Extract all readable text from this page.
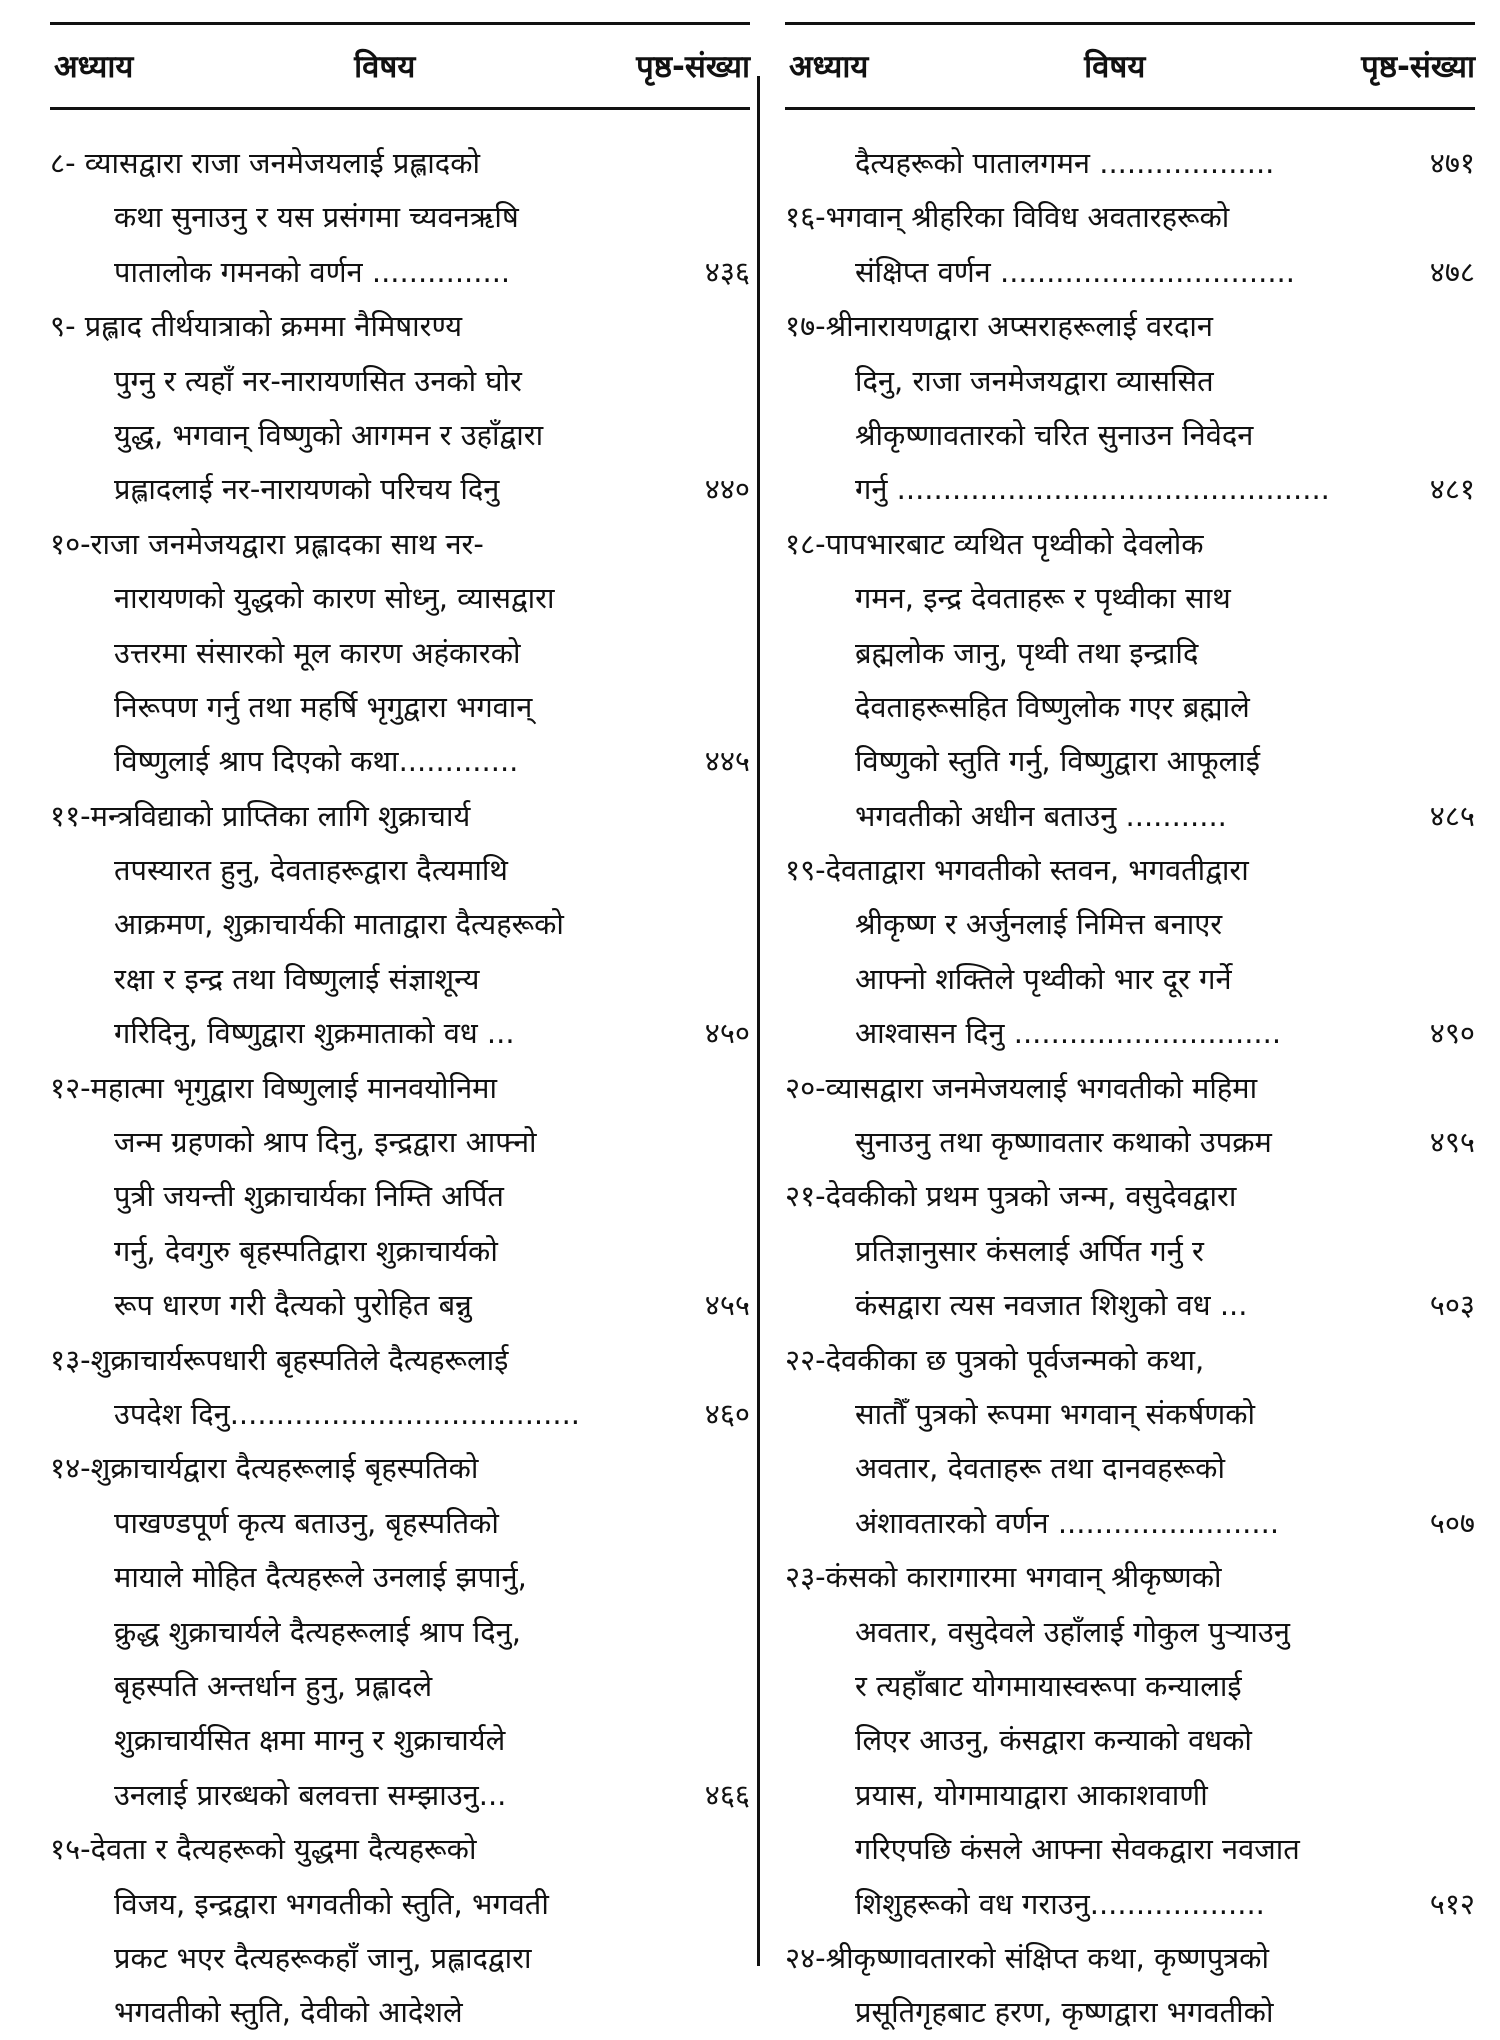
अध्याय	विषय	पृष्ठ-संख्या
८- व्यासद्वारा राजा जनमेजयलाई प्रह्लादको
कथा सुनाउनु र यस प्रसंगमा च्यवनऋषि
पातालोक गमनको वर्णन ...............	४३६
९- प्रह्लाद तीर्थयात्राको क्रममा नैमिषारण्य
पुग्नु र त्यहाँ नर-नारायणसित उनको घोर
युद्ध, भगवान् विष्णुको आगमन र उहाँद्वारा
प्रह्लादलाई नर-नारायणको परिचय दिनु	४४०
१०-राजा जनमेजयद्वारा प्रह्लादका साथ नर-
नारायणको युद्धको कारण सोध्नु, व्यासद्वारा
उत्तरमा संसारको मूल कारण अहंकारको
निरूपण गर्नु तथा महर्षि भृगुद्वारा भगवान्
विष्णुलाई श्राप दिएको कथा.............	४४५
११-मन्त्रविद्याको प्राप्तिका लागि शुक्राचार्य
तपस्यारत हुनु, देवताहरूद्वारा दैत्यमाथि
आक्रमण, शुक्राचार्यकी माताद्वारा दैत्यहरूको
रक्षा र इन्द्र तथा विष्णुलाई संज्ञाशून्य
गरिदिनु, विष्णुद्वारा शुक्रमाताको वध ...	४५०
१२-महात्मा भृगुद्वारा विष्णुलाई मानवयोनिमा
जन्म ग्रहणको श्राप दिनु, इन्द्रद्वारा आफ्नो
पुत्री जयन्ती शुक्राचार्यका निम्ति अर्पित
गर्नु, देवगुरु बृहस्पतिद्वारा शुक्राचार्यको
रूप धारण गरी दैत्यको पुरोहित बन्नु	४५५
१३-शुक्राचार्यरूपधारी बृहस्पतिले दैत्यहरूलाई
उपदेश दिनु......................................	४६०
१४-शुक्राचार्यद्वारा दैत्यहरूलाई बृहस्पतिको
पाखण्डपूर्ण कृत्य बताउनु, बृहस्पतिको
मायाले मोहित दैत्यहरूले उनलाई झपार्नु,
क्रुद्ध शुक्राचार्यले दैत्यहरूलाई श्राप दिनु,
बृहस्पति अन्तर्धान हुनु, प्रह्लादले
शुक्राचार्यसित क्षमा माग्नु र शुक्राचार्यले
उनलाई प्रारब्धको बलवत्ता सम्झाउनु...	४६६
१५-देवता र दैत्यहरूको युद्धमा दैत्यहरूको
विजय, इन्द्रद्वारा भगवतीको स्तुति, भगवती
प्रकट भएर दैत्यहरूकहाँ जानु, प्रह्लादद्वारा
भगवतीको स्तुति, देवीको आदेशले
अध्याय	विषय	पृष्ठ-संख्या
दैत्यहरूको पातालगमन ...................	४७१
१६-भगवान् श्रीहरिका विविध अवतारहरूको
संक्षिप्त वर्णन ................................	४७८
१७-श्रीनारायणद्वारा अप्सराहरूलाई वरदान
दिनु, राजा जनमेजयद्वारा व्याससित
श्रीकृष्णावतारको चरित सुनाउन निवेदन
गर्नु ...............................................	४८१
१८-पापभारबाट व्यथित पृथ्वीको देवलोक
गमन, इन्द्र देवताहरू र पृथ्वीका साथ
ब्रह्मलोक जानु, पृथ्वी तथा इन्द्रादि
देवताहरूसहित विष्णुलोक गएर ब्रह्माले
विष्णुको स्तुति गर्नु, विष्णुद्वारा आफूलाई
भगवतीको अधीन बताउनु ...........	४८५
१९-देवताद्वारा भगवतीको स्तवन, भगवतीद्वारा
श्रीकृष्ण र अर्जुनलाई निमित्त बनाएर
आफ्नो शक्तिले पृथ्वीको भार दूर गर्ने
आश्वासन दिनु .............................	४९०
२०-व्यासद्वारा जनमेजयलाई भगवतीको महिमा
सुनाउनु तथा कृष्णावतार कथाको उपक्रम	४९५
२१-देवकीको प्रथम पुत्रको जन्म, वसुदेवद्वारा
प्रतिज्ञानुसार कंसलाई अर्पित गर्नु र
कंसद्वारा त्यस नवजात शिशुको वध ...	५०३
२२-देवकीका छ पुत्रको पूर्वजन्मको कथा,
सातौँ पुत्रको रूपमा भगवान् संकर्षणको
अवतार, देवताहरू तथा दानवहरूको
अंशावतारको वर्णन ........................	५०७
२३-कंसको कारागारमा भगवान् श्रीकृष्णको
अवतार, वसुदेवले उहाँलाई गोकुल पुऱ्याउनु
र त्यहाँबाट योगमायास्वरूपा कन्यालाई
लिएर आउनु, कंसद्वारा कन्याको वधको
प्रयास, योगमायाद्वारा आकाशवाणी
गरिएपछि कंसले आफ्ना सेवकद्वारा नवजात
शिशुहरूको वध गराउनु...................	५१२
२४-श्रीकृष्णावतारको संक्षिप्त कथा, कृष्णपुत्रको
प्रसूतिगृहबाट हरण, कृष्णद्वारा भगवतीको
